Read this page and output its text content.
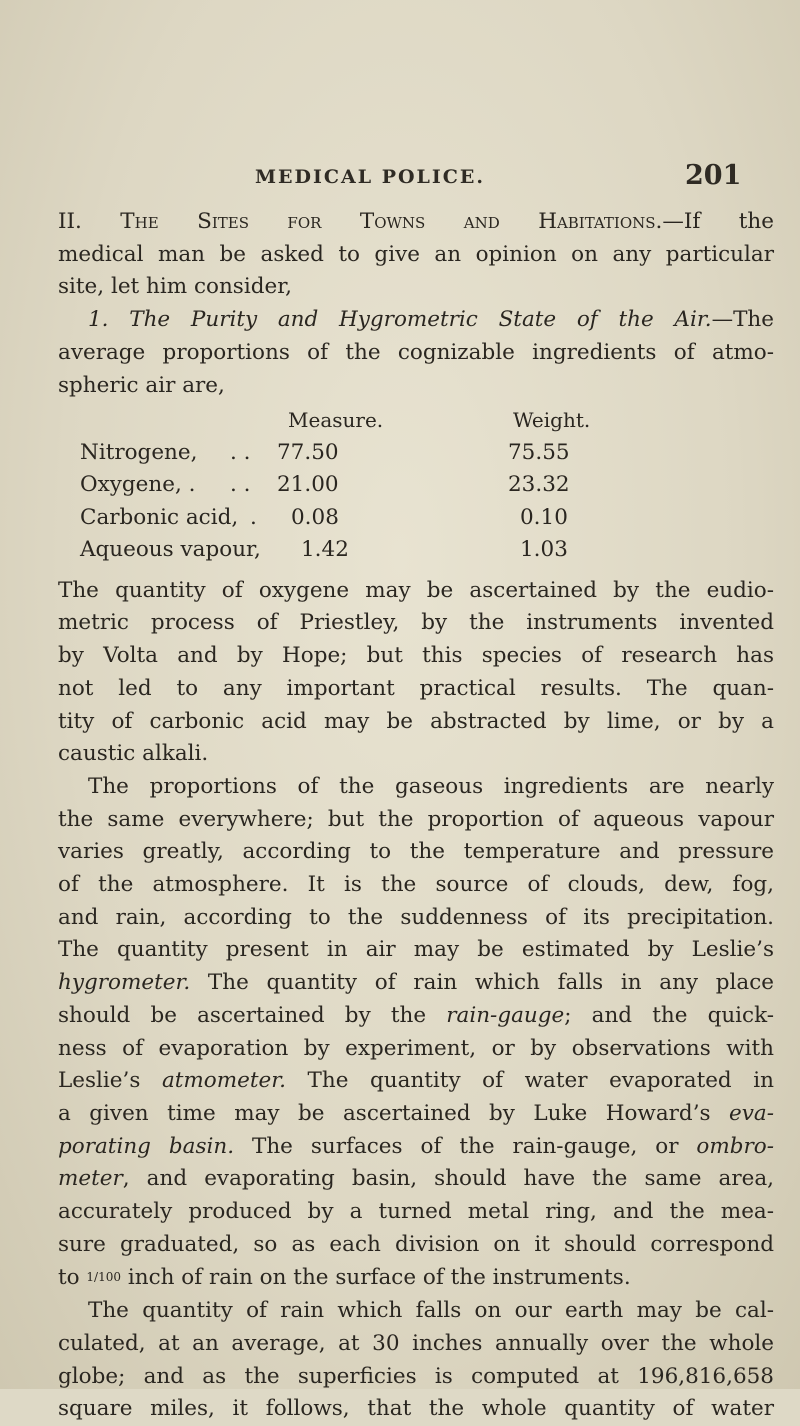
MEDICAL POLICE.	201
II. The Sites for Towns and Habitations.—If the
medical man be asked to give an opinion on any particular
site, let him consider,
1. The Purity and Hygrometric State of the Air.—The
average proportions of the cognizable ingredients of atmo-
spheric air are,
Measure.	Weight.
Nitrogene, . . 77.50	75.55
Oxygene, . . . 21.00	23.32
Carbonic acid, . 0.08	0.10
Aqueous vapour, 1.42	1.03
The quantity of oxygene may be ascertained by the eudio-
metric process of Priestley, by the instruments invented
by Volta and by Hope; but this species of research has
not led to any important practical results. The quan-
tity of carbonic acid may be abstracted by lime, or by a
caustic alkali.
The proportions of the gaseous ingredients are nearly
the same everywhere; but the proportion of aqueous vapour
varies greatly, according to the temperature and pressure
of the atmosphere. It is the source of clouds, dew, fog,
and rain, according to the suddenness of its precipitation.
The quantity present in air may be estimated by Leslie’s
hygrometer. The quantity of rain which falls in any place
should be ascertained by the rain-gauge; and the quick-
ness of evaporation by experiment, or by observations with
Leslie’s atmometer. The quantity of water evaporated in
a given time may be ascertained by Luke Howard’s eva-
porating basin. The surfaces of the rain-gauge, or ombro-
meter, and evaporating basin, should have the same area,
accurately produced by a turned metal ring, and the mea-
sure graduated, so as each division on it should correspond
to 1/100 inch of rain on the surface of the instruments.
The quantity of rain which falls on our earth may be cal-
culated, at an average, at 30 inches annually over the whole
globe; and as the superficies is computed at 196,816,658
square miles, it follows, that the whole quantity of water
